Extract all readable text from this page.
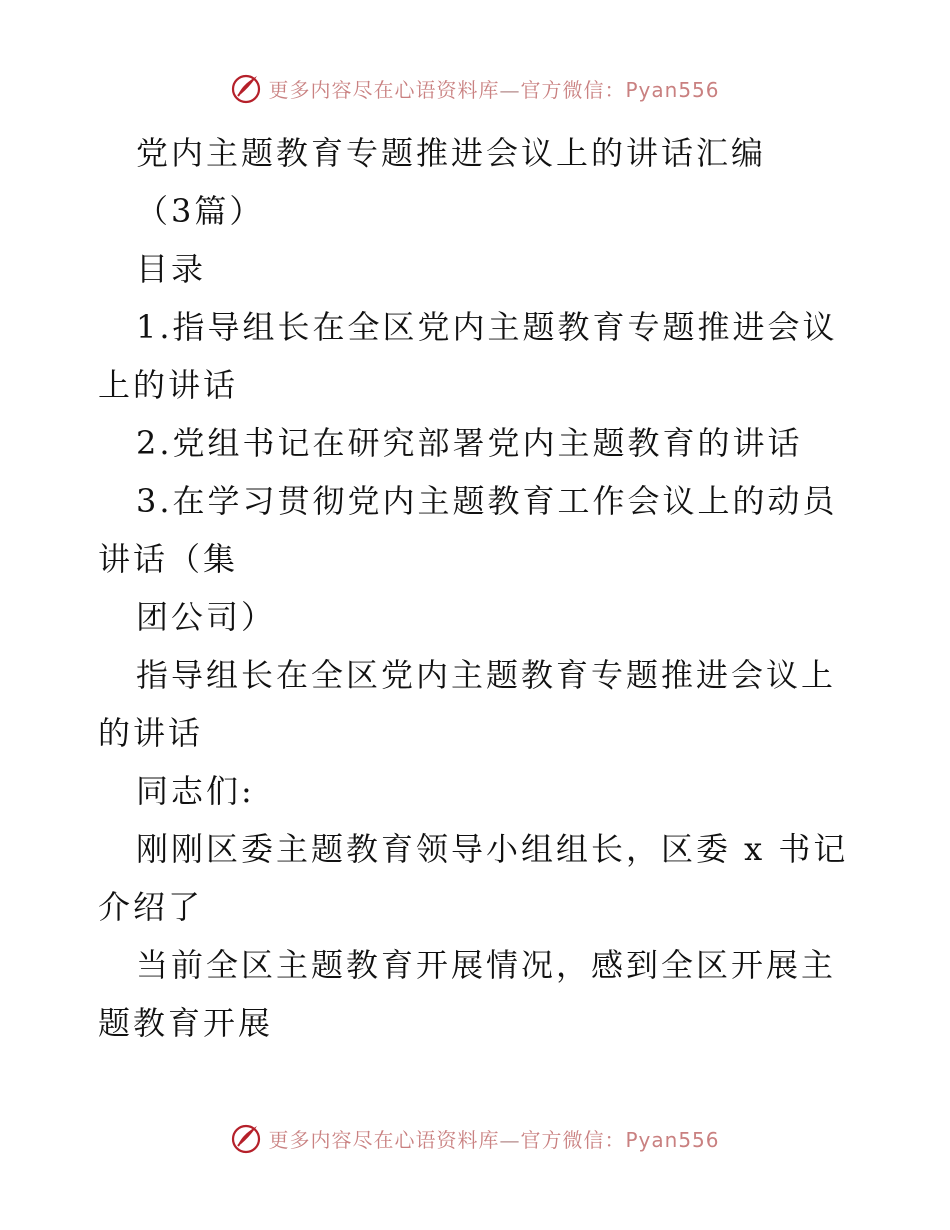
更多内容尽在心语资料库—官方微信：Pyan556

党内主题教育专题推进会议上的讲话汇编

（3篇）

目录

1.指导组长在全区党内主题教育专题推进会议上的讲话

2.党组书记在研究部署党内主题教育的讲话

3.在学习贯彻党内主题教育工作会议上的动员讲话（集

团公司）

指导组长在全区党内主题教育专题推进会议上的讲话

同志们:

刚刚区委主题教育领导小组组长，区委 x 书记介绍了

当前全区主题教育开展情况，感到全区开展主题教育开展

更多内容尽在心语资料库—官方微信：Pyan556
